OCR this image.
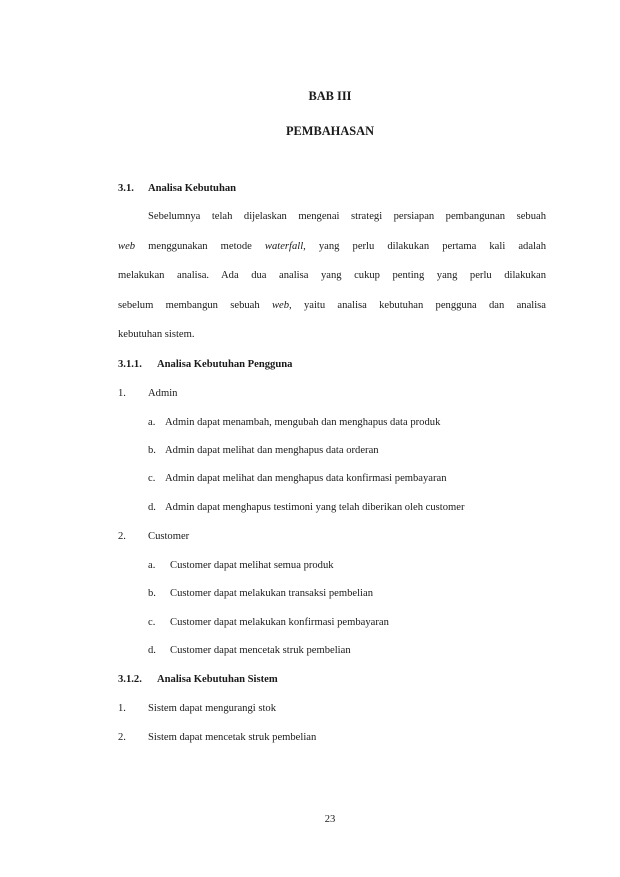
BAB III
PEMBAHASAN
3.1. Analisa Kebutuhan
Sebelumnya telah dijelaskan mengenai strategi persiapan pembangunan sebuah
web menggunakan metode waterfall, yang perlu dilakukan pertama kali adalah
melakukan analisa. Ada dua analisa yang cukup penting yang perlu dilakukan
sebelum membangun sebuah web, yaitu analisa kebutuhan pengguna dan analisa
kebutuhan sistem.
3.1.1. Analisa Kebutuhan Pengguna
1. Admin
a. Admin dapat menambah, mengubah dan menghapus data produk
b. Admin dapat melihat dan menghapus data orderan
c. Admin dapat melihat dan menghapus data konfirmasi pembayaran
d. Admin dapat menghapus testimoni yang telah diberikan oleh customer
2. Customer
a. Customer dapat melihat semua produk
b. Customer dapat melakukan transaksi pembelian
c. Customer dapat melakukan konfirmasi pembayaran
d. Customer dapat mencetak struk pembelian
3.1.2. Analisa Kebutuhan Sistem
1. Sistem dapat mengurangi stok
2. Sistem dapat mencetak struk pembelian
23
